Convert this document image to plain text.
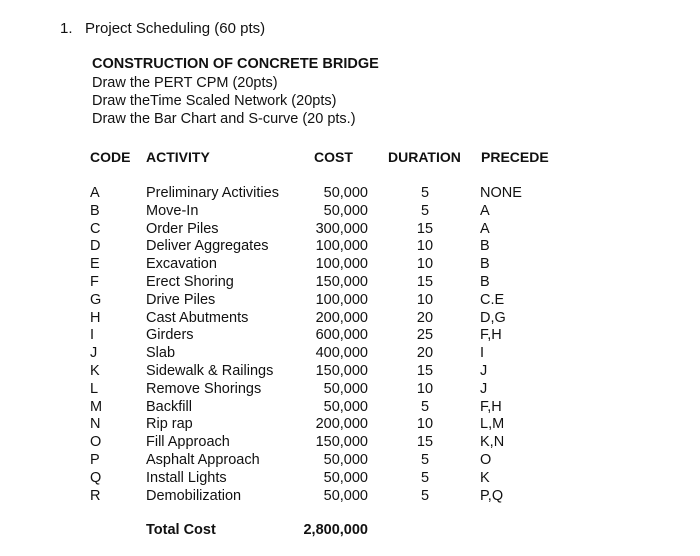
1. Project Scheduling (60 pts)
CONSTRUCTION OF CONCRETE BRIDGE
Draw the PERT CPM (20pts)
Draw theTime Scaled Network (20pts)
Draw the Bar Chart and S-curve (20 pts.)
CODE ACTIVITY	COST	DURATION PRECEDE
A	Preliminary Activities	50,000	5	NONE
B	Move-In	50,000	5	A
C	Order Piles	300,000	15	A
D	Deliver Aggregates	100,000	10	B
E	Excavation	100,000	10	B
F	Erect Shoring	150,000	15	B
G	Drive Piles	100,000	10	C.E
H	Cast Abutments	200,000	20	D,G
I	Girders	600,000	25	F,H
J	Slab	400,000	20	I
K	Sidewalk & Railings	150,000	15	J
L	Remove Shorings	50,000	10	J
M	Backfill	50,000	5	F,H
N	Rip rap	200,000	10	L,M
O	Fill Approach	150,000	15	K,N
P	Asphalt Approach	50,000	5	O
Q	Install Lights	50,000	5	K
R	Demobilization	50,000	5	P,Q
Total Cost	2,800,000
